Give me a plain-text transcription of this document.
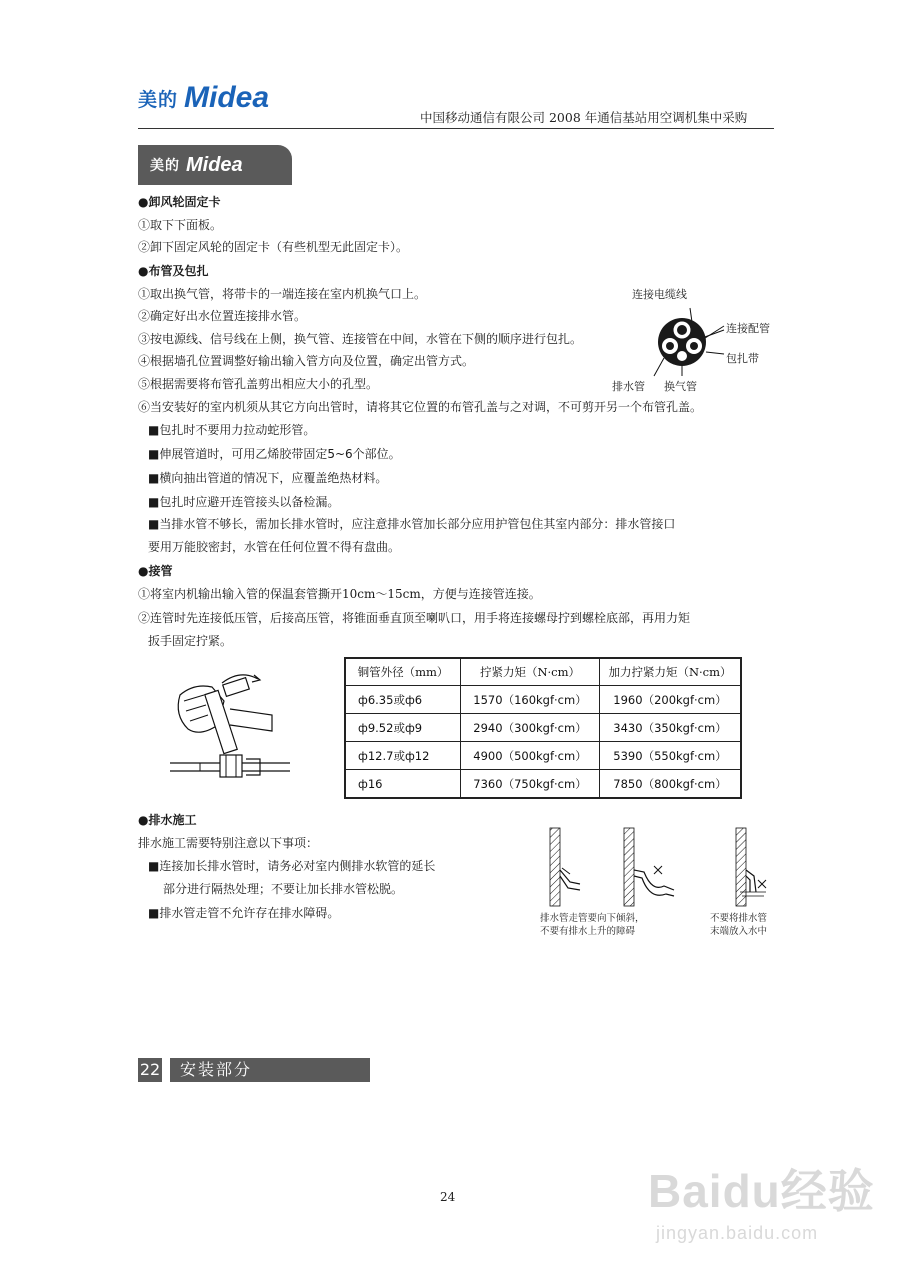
美的 Midea
中国移动通信有限公司 2008 年通信基站用空调机集中采购
美的 Midea
●卸风轮固定卡
①取下下面板。
②卸下固定风轮的固定卡（有些机型无此固定卡）。
●布管及包扎
①取出换气管，将带卡的一端连接在室内机换气口上。
②确定好出水位置连接排水管。
③按电源线、信号线在上侧，换气管、连接管在中间，水管在下侧的顺序进行包扎。
④根据墙孔位置调整好输出输入管方向及位置，确定出管方式。
⑤根据需要将布管孔盖剪出相应大小的孔型。
⑥当安装好的室内机须从其它方向出管时，请将其它位置的布管孔盖与之对调，不可剪开另一个布管孔盖。
■包扎时不要用力拉动蛇形管。
■伸展管道时，可用乙烯胶带固定5~6个部位。
■横向抽出管道的情况下，应覆盖绝热材料。
■包扎时应避开连管接头以备检漏。
■当排水管不够长，需加长排水管时，应注意排水管加长部分应用护管包住其室内部分：排水管接口
要用万能胶密封，水管在任何位置不得有盘曲。
连接电缆线
连接配管
包扎带
排水管 换气管
●接管
①将室内机输出输入管的保温套管撕开10cm～15cm，方便与连接管连接。
②连管时先连接低压管，后接高压管，将锥面垂直顶至喇叭口，用手将连接螺母拧到螺栓底部，再用力矩
扳手固定拧紧。
铜管外径（mm）	拧紧力矩（N·cm）	加力拧紧力矩（N·cm）
ф6.35或ф6	1570（160kgf·cm）	1960（200kgf·cm）
ф9.52或ф9	2940（300kgf·cm）	3430（350kgf·cm）
ф12.7或ф12	4900（500kgf·cm）	5390（550kgf·cm）
ф16	7360（750kgf·cm）	7850（800kgf·cm）
●排水施工
排水施工需要特别注意以下事项：
■连接加长排水管时，请务必对室内侧排水软管的延长
部分进行隔热处理；不要让加长排水管松脱。
■排水管走管不允许存在排水障碍。	排水管走管要向下倾斜，
不要有排水上升的障碍
不要将排水管
末端放入水中
22	安装部分
24	Baidu经验
jingyan.baidu.com
